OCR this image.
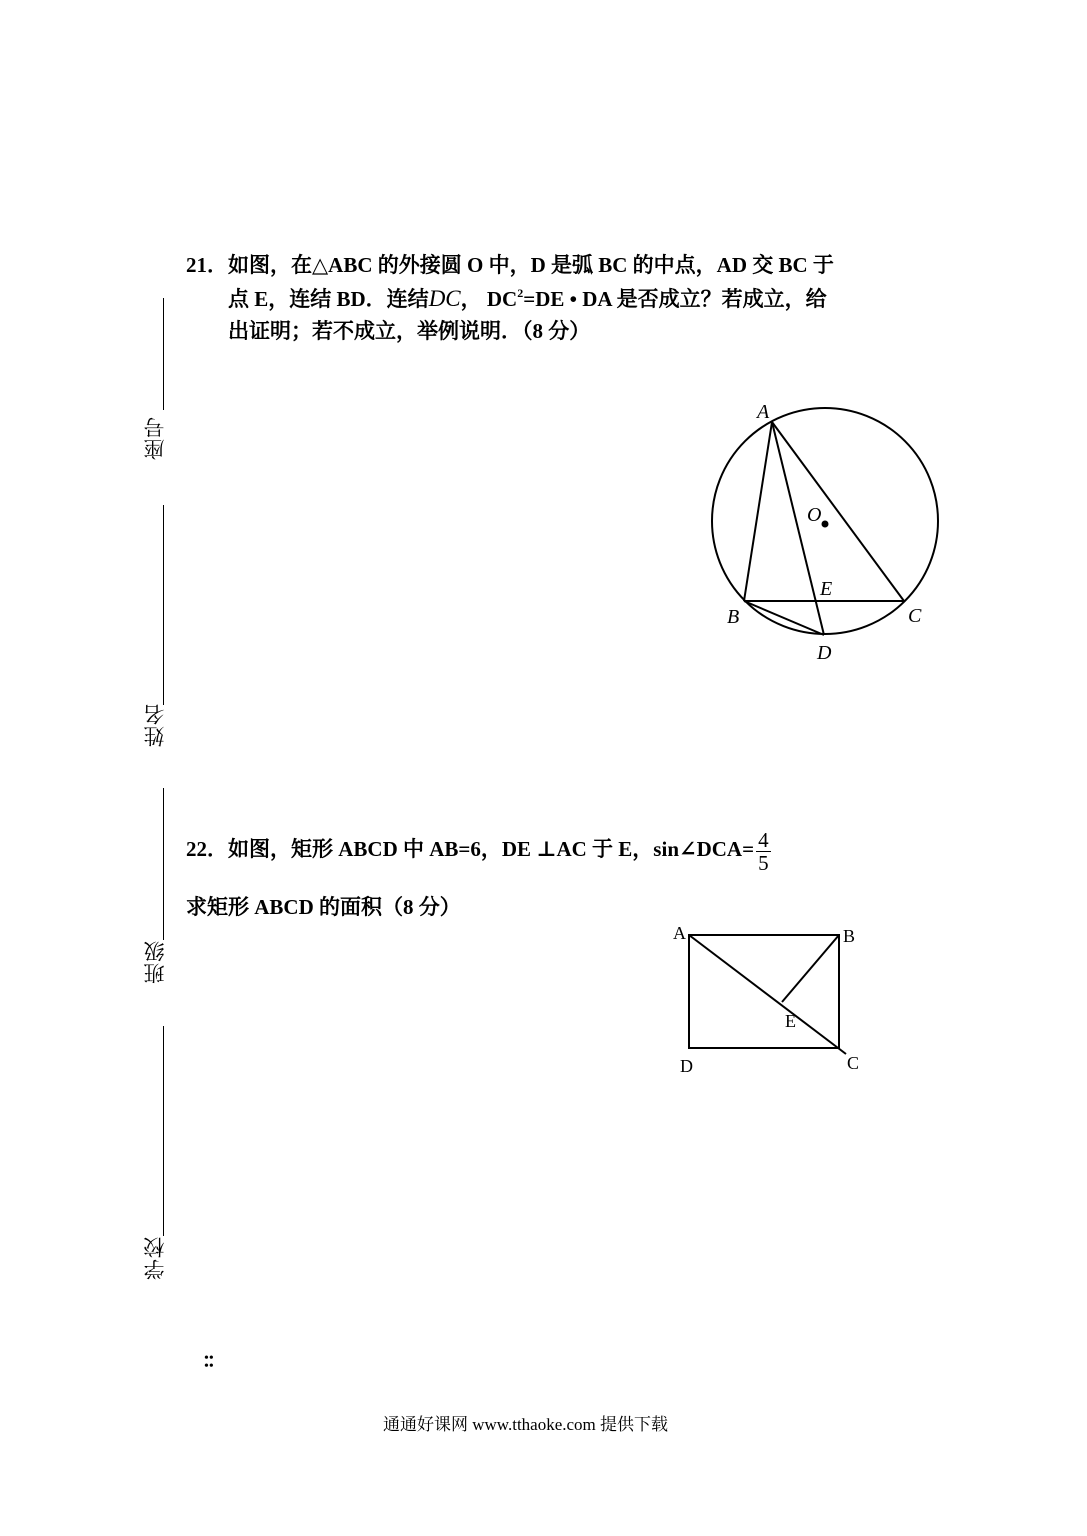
座号
姓名
班级
学校
••••
21．如图，在△ABC 的外接圆 O 中，D 是弧 BC 的中点，AD 交 BC 于
点 E，连结 BD．连结DC， $DC^2=DE$ • DA 是否成立？若成立，给
出证明；若不成立，举例说明．（8 分）
A
O
E
B	C
D
22．如图，矩形 ABCD 中 AB=6，DE ⊥AC 于 E，sin∠DCA= $\frac{4}{5}$
求矩形 ABCD 的面积（8 分）
A	B
E
D	C
通通好课网 www.tthaoke.com 提供下载
